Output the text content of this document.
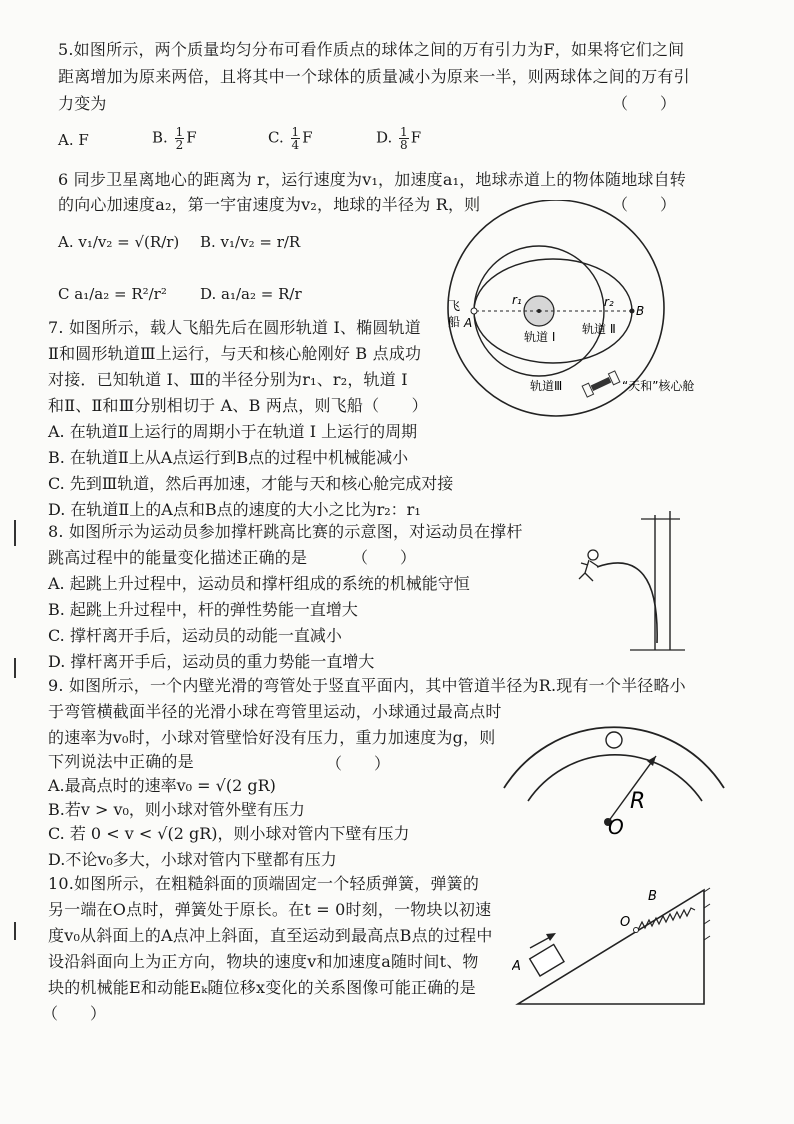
5.如图所示，两个质量均匀分布可看作质点的球体之间的万有引力为F，如果将它们之间
距离增加为原来两倍，且将其中一个球体的质量减小为原来一半，则两球体之间的万有引
力变为	（　　）
A. F	B. $\frac{1}{2}$ F	C. $\frac{1}{4}$ F	D. $\frac{1}{8}$ F
6 同步卫星离地心的距离为 r，运行速度为v₁，加速度a₁，地球赤道上的物体随地球自转
的向心加速度a₂，第一宇宙速度为v₂，地球的半径为 R，则	（　　）
A. v₁/v₂ = √(R/r) B. v₁/v₂ = r/R
C a₁/a₂ = R²/r² D. a₁/a₂ = R/r
飞
船 A
B
r₁	r₂
轨道 Ⅰ
轨道 Ⅱ
轨道Ⅲ	“天和”核心舱
7. 如图所示，载人飞船先后在圆形轨道 Ⅰ、椭圆轨道
Ⅱ和圆形轨道Ⅲ上运行，与天和核心舱刚好 B 点成功
对接．已知轨道 Ⅰ、Ⅲ的半径分别为r₁、r₂，轨道 Ⅰ
和Ⅱ、Ⅱ和Ⅲ分别相切于 A、B 两点，则飞船（　　）
A. 在轨道Ⅱ上运行的周期小于在轨道 Ⅰ 上运行的周期
B. 在轨道Ⅱ上从A点运行到B点的过程中机械能减小
C. 先到Ⅲ轨道，然后再加速，才能与天和核心舱完成对接
D. 在轨道Ⅱ上的A点和B点的速度的大小之比为r₂：r₁
8. 如图所示为运动员参加撑杆跳高比赛的示意图，对运动员在撑杆
跳高过程中的能量变化描述正确的是	（　　）
A. 起跳上升过程中，运动员和撑杆组成的系统的机械能守恒
B. 起跳上升过程中，杆的弹性势能一直增大
C. 撑杆离开手后，运动员的动能一直减小
D. 撑杆离开手后，运动员的重力势能一直增大
9. 如图所示，一个内壁光滑的弯管处于竖直平面内，其中管道半径为R.现有一个半径略小
于弯管横截面半径的光滑小球在弯管里运动，小球通过最高点时
的速率为v₀时，小球对管壁恰好没有压力，重力加速度为g，则
下列说法中正确的是	（　　）
A.最高点时的速率v₀ = √(2 gR)
B.若v > v₀，则小球对管外壁有压力
C. 若 0 < v < √(2 gR)，则小球对管内下壁有压力
D.不论v₀多大，小球对管内下壁都有压力
R
O
10.如图所示，在粗糙斜面的顶端固定一个轻质弹簧，弹簧的
另一端在O点时，弹簧处于原长。在t = 0时刻，一物块以初速
度v₀从斜面上的A点冲上斜面，直至运动到最高点B点的过程中
设沿斜面向上为正方向，物块的速度v和加速度a随时间t、物
块的机械能E和动能Eₖ随位移x变化的关系图像可能正确的是
（　　）
O
B
A
